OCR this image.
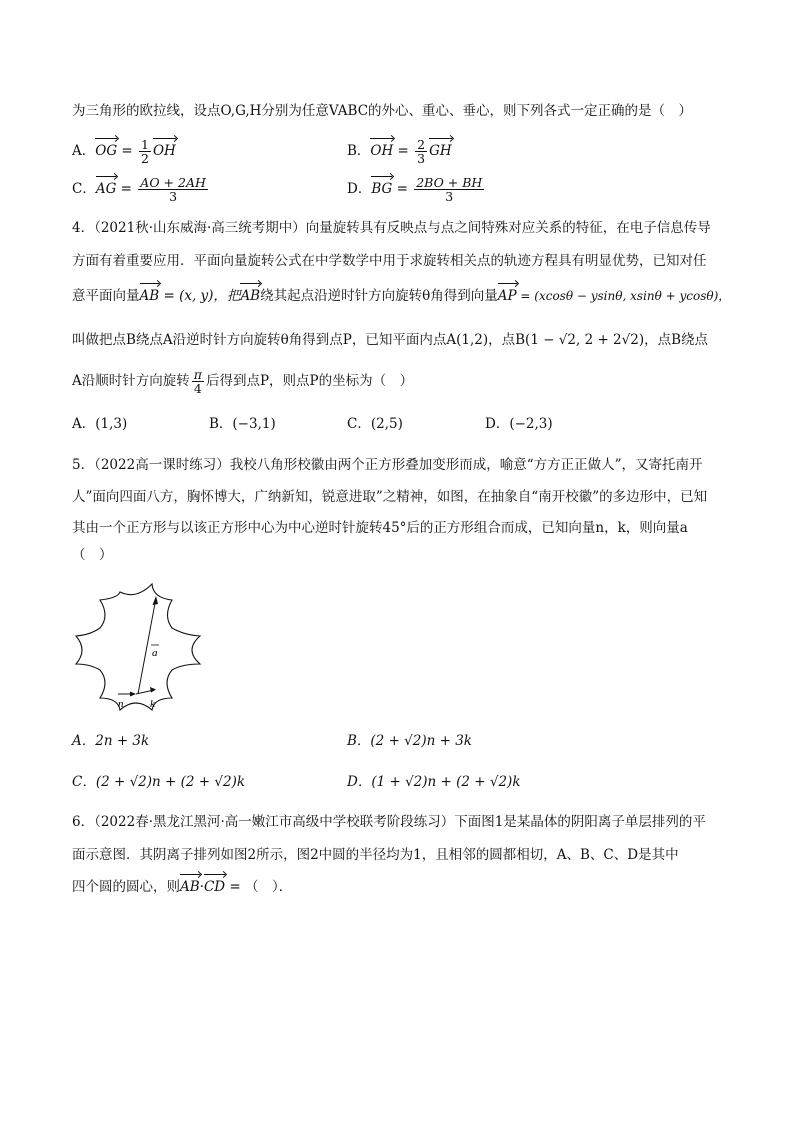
为三角形的欧拉线，设点O,G,H分别为任意VABC的外心、重心、垂心，则下列各式一定正确的是（　）
A．OG = $\frac{1}{2}$ OH	B．OH = $\frac{2}{3}$ GH
C．AG = $\frac{AO + 2AH}{3}$	D．BG = $\frac{2BO + BH}{3}$
4．（2021秋·山东威海·高三统考期中）向量旋转具有反映点与点之间特殊对应关系的特征，在电子信息传导
方面有着重要应用．平面向量旋转公式在中学数学中用于求旋转相关点的轨迹方程具有明显优势，已知对任
意平面向量AB = (x, y)，把AB绕其起点沿逆时针方向旋转θ角得到向量AP = (xcosθ − ysinθ, xsinθ + ycosθ)，
叫做把点B绕点A沿逆时针方向旋转θ角得到点P，已知平面内点A(1,2)，点B(1 − √2, 2 + 2√2)，点B绕点
A沿顺时针方向旋转 $\frac{\pi}{4}$ 后得到点P，则点P的坐标为（　）
A．(1,3)	B．(−3,1)	C．(2,5)	D．(−2,3)
5．（2022高一课时练习）我校八角形校徽由两个正方形叠加变形而成，喻意“方方正正做人”，又寄托南开
人”面向四面八方，胸怀博大，广纳新知，锐意进取”之精神，如图，在抽象自“南开校徽”的多边形中，已知
其由一个正方形与以该正方形中心为中心逆时针旋转45°后的正方形组合而成，已知向量n，k，则向量a
（　）
a
n k
A．2n + 3k	B．(2 + √2)n + 3k
C．(2 + √2)n + (2 + √2)k	D．(1 + √2)n + (2 + √2)k
6．（2022春·黑龙江黑河·高一嫩江市高级中学校联考阶段练习）下面图1是某晶体的阴阳离子单层排列的平
面示意图．其阴离子排列如图2所示，图2中圆的半径均为1，且相邻的圆都相切，A、B、C、D是其中
四个圆的圆心，则AB·CD = （　）．
